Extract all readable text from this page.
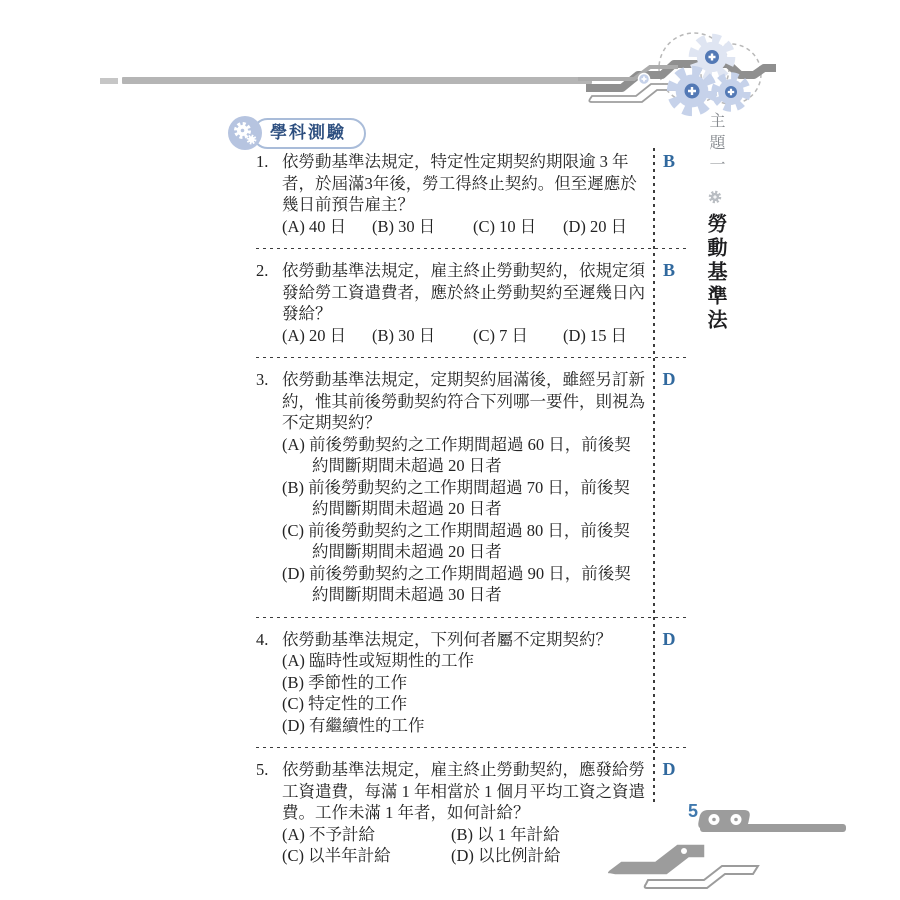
學科測驗	主題一勞動基準法
1. 依勞動基準法規定，特定性定期契約期限逾 3 年者，於屆滿3年後，勞工得終止契約。但至遲應於幾日前預告雇主？
(A) 40 日	(B) 30 日	(C) 10 日	(D) 20 日
B
2. 依勞動基準法規定，雇主終止勞動契約，依規定須發給勞工資遣費者，應於終止勞動契約至遲幾日內發給？
(A) 20 日	(B) 30 日	(C) 7 日	(D) 15 日
B
3. 依勞動基準法規定，定期契約屆滿後，雖經另訂新約，惟其前後勞動契約符合下列哪一要件，則視為不定期契約？
(A) 前後勞動契約之工作期間超過 60 日，前後契約間斷期間未超過 20 日者
(B) 前後勞動契約之工作期間超過 70 日，前後契約間斷期間未超過 20 日者
(C) 前後勞動契約之工作期間超過 80 日，前後契約間斷期間未超過 20 日者
(D) 前後勞動契約之工作期間超過 90 日，前後契約間斷期間未超過 30 日者
D
4. 依勞動基準法規定，下列何者屬不定期契約？
(A) 臨時性或短期性的工作
(B) 季節性的工作
(C) 特定性的工作
(D) 有繼續性的工作
D
5. 依勞動基準法規定，雇主終止勞動契約，應發給勞工資遣費，每滿 1 年相當於 1 個月平均工資之資遣費。工作未滿 1 年者，如何計給？
(A) 不予計給	(B) 以 1 年計給
(C) 以半年計給	(D) 以比例計給
D
5
